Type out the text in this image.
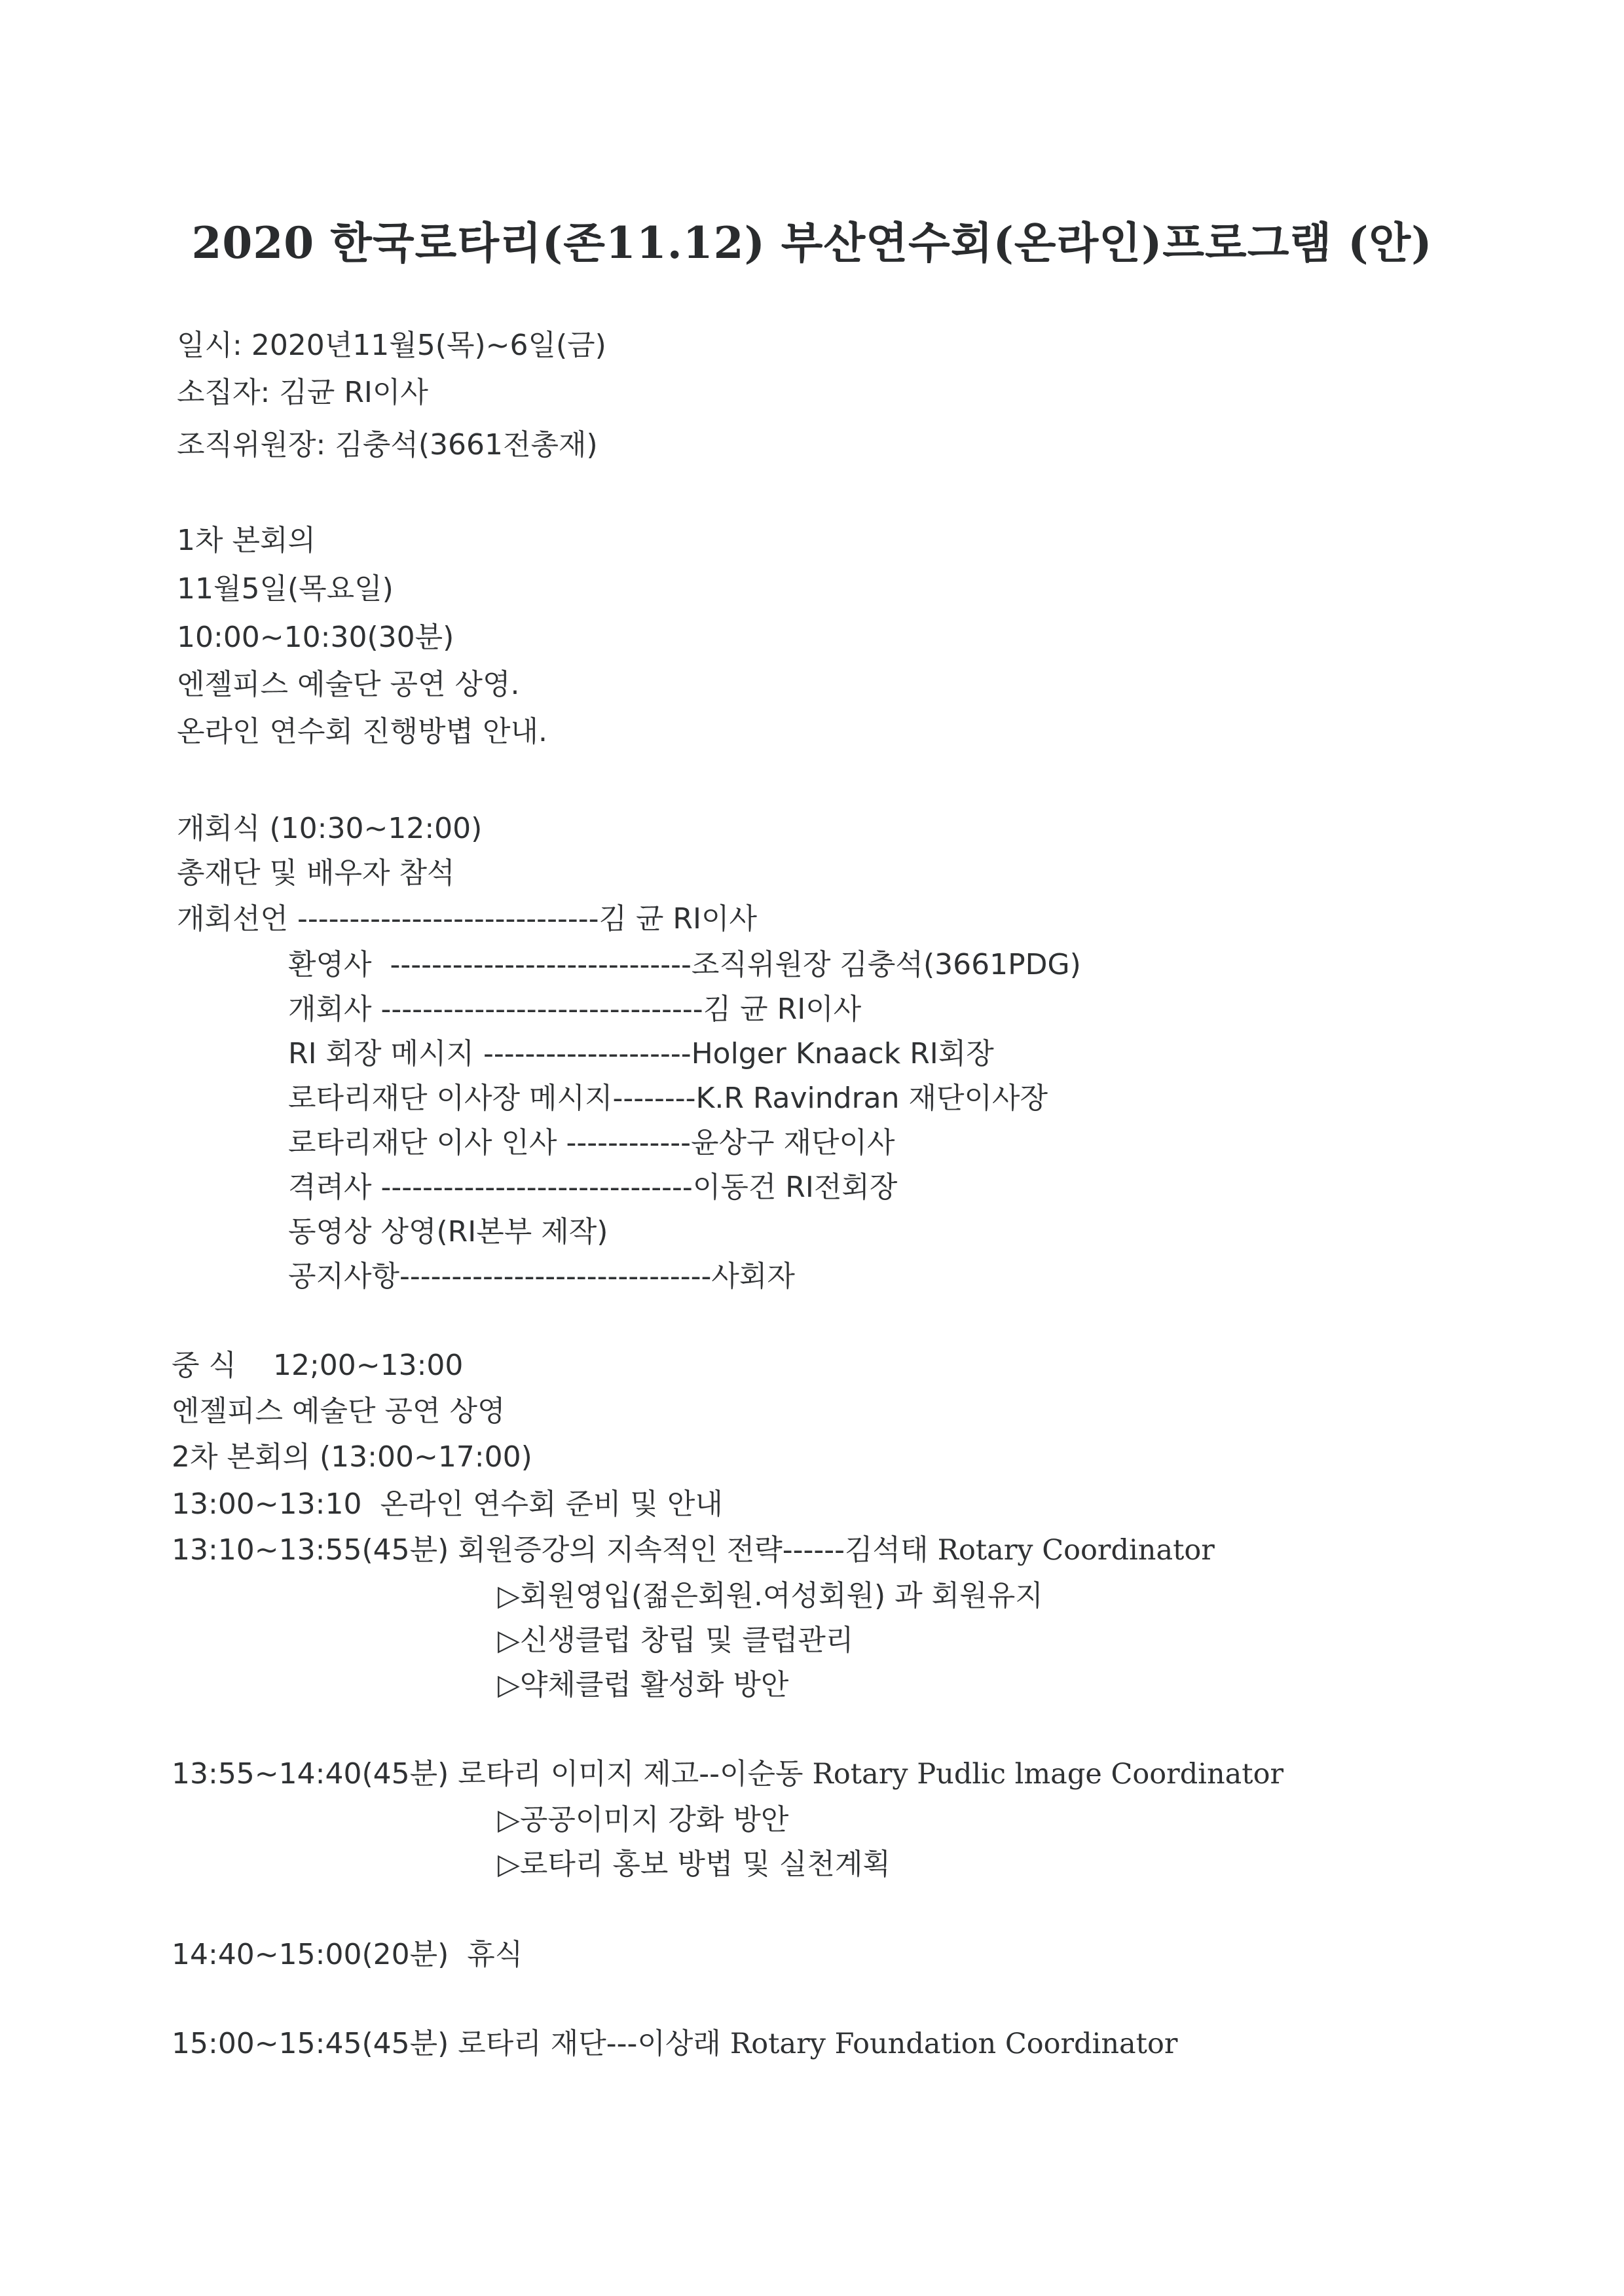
2020 한국로타리(존11.12) 부산연수회(온라인)프로그램 (안)
일시: 2020년11월5(목)~6일(금)
소집자: 김균 RI이사
조직위원장: 김충석(3661전총재)
1차 본회의
11월5일(목요일)
10:00~10:30(30분)
엔젤피스 예술단 공연 상영.
온라인 연수회 진행방볍 안내.
개회식 (10:30~12:00)
총재단 및 배우자 참석
개회선언 -----------------------------김 균 RI이사
환영사  -----------------------------조직위원장 김충석(3661PDG)
개회사 -------------------------------김 균 RI이사
RI 회장 메시지 --------------------Holger Knaack RI회장
로타리재단 이사장 메시지--------K.R Ravindran 재단이사장
로타리재단 이사 인사 ------------윤상구 재단이사
격려사 ------------------------------이동건 RI전회장
동영상 상영(RI본부 제작)
공지사항------------------------------사회자
중 식 12;00~13:00
엔젤피스 예술단 공연 상영
2차 본회의 (13:00~17:00)
13:00~13:10  온라인 연수회 준비 및 안내
13:10~13:55(45분) 회원증강의 지속적인 전략------김석태 Rotary Coordinator
▷회원영입(젊은회원.여성회원) 과 회원유지
▷신생클럽 창립 및 클럽관리
▷약체클럽 활성화 방안
13:55~14:40(45분) 로타리 이미지 제고--이순동 Rotary Pudlic lmage Coordinator
▷공공이미지 강화 방안
▷로타리 홍보 방법 및 실천계획
14:40~15:00(20분)  휴식
15:00~15:45(45분) 로타리 재단---이상래 Rotary Foundation Coordinator
